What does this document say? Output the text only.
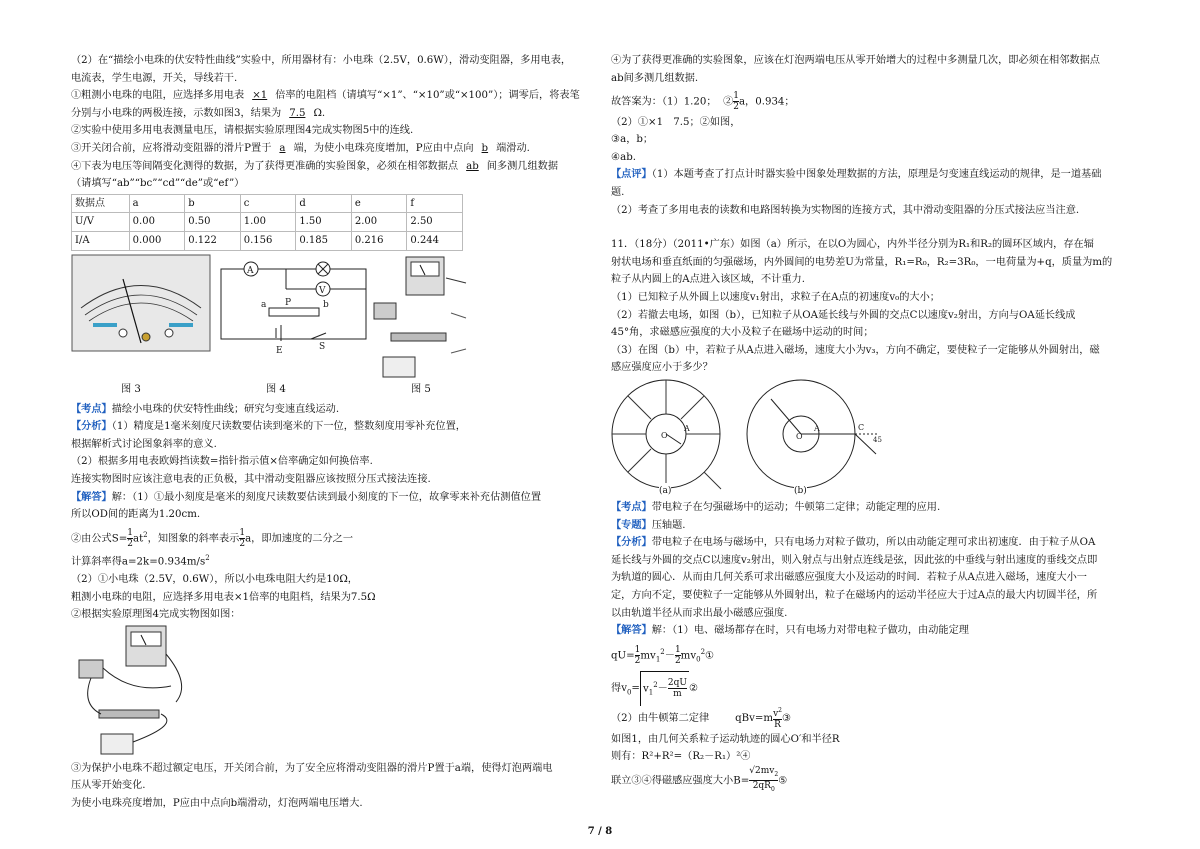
（2）在“描绘小电珠的伏安特性曲线”实验中，所用器材有：小电珠（2.5V，0.6W），滑动变阻器，多用电表，

电流表，学生电源，开关，导线若干.

①粗测小电珠的电阻，应选择多用电表 ×1 倍率的电阻档（请填写“×1”、“×10”或“×100”）；调零后，将表笔

分别与小电珠的两极连接，示数如图3，结果为 7.5 Ω.

②实验中使用多用电表测量电压，请根据实验原理图4完成实物图5中的连线.

③开关闭合前，应将滑动变阻器的滑片P置于 a 端，为使小电珠亮度增加，P应由中点向 b 端滑动.

④下表为电压等间隔变化测得的数据，为了获得更准确的实验图象，必须在相邻数据点 ab 间多测几组数据

（请填写“ab”“bc”“cd”“de”或“ef”）

数据点	a	b	c	d	e	f
U/V	0.00	0.50	1.00	1.50	2.00	2.50
I/A	0.000	0.122	0.156	0.185	0.216	0.244
A
V
a P	b
E	S
图 3	图 4	图 5

【考点】描绘小电珠的伏安特性曲线；研究匀变速直线运动.

【分析】（1）精度是1毫米刻度尺读数要估读到毫米的下一位，整数刻度用零补充位置，

根据解析式讨论图象斜率的意义.

（2）根据多用电表欧姆挡读数=指针指示值×倍率确定如何换倍率.

连接实物图时应该注意电表的正负极，其中滑动变阻器应该按照分压式接法连接.

【解答】解：（1）①最小刻度是毫米的刻度尺读数要估读到最小刻度的下一位，故拿零来补充估测值位置

所以OD间的距离为1.20cm.

②由公式$S= \frac{1}{2} at^2$，知图象的斜率表示 $\frac{1}{2}$ a，即加速度的二分之一

计算斜率得$a=2k=0.934m/s^2$

（2）①小电珠（2.5V，0.6W），所以小电珠电阻大约是10Ω，

粗测小电珠的电阻，应选择多用电表×1倍率的电阻档，结果为7.5Ω

②根据实验原理图4完成实物图如图：

③为保护小电珠不超过额定电压，开关闭合前，为了安全应将滑动变阻器的滑片P置于a端，使得灯泡两端电

压从零开始变化.

为使小电珠亮度增加，P应由中点向b端滑动，灯泡两端电压增大.

④为了获得更准确的实验图象，应该在灯泡两端电压从零开始增大的过程中多测量几次，即必须在相邻数据点

ab间多测几组数据.

故答案为：（1）1.20； ② $\frac{1}{2}$ a，0.934；

（2）①×1　7.5；②如图，

③a，b；

④ab.

【点评】（1）本题考查了打点计时器实验中图象处理数据的方法，原理是匀变速直线运动的规律，是一道基础

题.

（2）考查了多用电表的读数和电路图转换为实物图的连接方式，其中滑动变阻器的分压式接法应当注意.

11．（18分）（2011•广东）如图（a）所示，在以O为圆心，内外半径分别为R₁和R₂的圆环区域内，存在辐

射状电场和垂直纸面的匀强磁场，内外圆间的电势差U为常量，R₁=R₀，R₂=3R₀，一电荷量为+q，质量为m的

粒子从内圆上的A点进入该区域，不计重力.

（1）已知粒子从外圆上以速度v₁射出，求粒子在A点的初速度v₀的大小；

（2）若撤去电场，如图（b），已知粒子从OA延长线与外圆的交点C以速度v₂射出，方向与OA延长线成

45°角，求磁感应强度的大小及粒子在磁场中运动的时间；

（3）在图（b）中，若粒子从A点进入磁场，速度大小为v₃，方向不确定，要使粒子一定能够从外圆射出，磁

感应强度应小于多少？

O
A
O
A	C
45
(a)	(b)

【考点】带电粒子在匀强磁场中的运动；牛顿第二定律；动能定理的应用.

【专题】压轴题.

【分析】带电粒子在电场与磁场中，只有电场力对粒子做功，所以由动能定理可求出初速度．由于粒子从OA

延长线与外圆的交点C以速度v₂射出，则入射点与出射点连线是弦，因此弦的中垂线与射出速度的垂线交点即

为轨道的圆心．从而由几何关系可求出磁感应强度大小及运动的时间．若粒子从A点进入磁场，速度大小一

定，方向不定，要使粒子一定能够从外圆射出，粒子在磁场内的运动半径应大于过A点的最大内切圆半径，所

以由轨道半径从而求出最小磁感应强度.

【解答】解：（1）电、磁场都存在时，只有电场力对带电粒子做功，由动能定理

$qU= \frac{1}{2} mv_1^2- \frac{1}{2}$ $mv_0^2①$

得$v_0= v_1^2- \frac{2qU}{m}$ ②

（2）由牛顿第二定律	$qBv=m \frac{v^2}{R}$ ③

如图1，由几何关系粒子运动轨迹的圆心O′和半径R

则有：R²+R²=（R₂－R₁）²④

联立③④得磁感应强度大小$B= \frac{√2mv_2}{2qR_0}$ ⑤

7 / 8
